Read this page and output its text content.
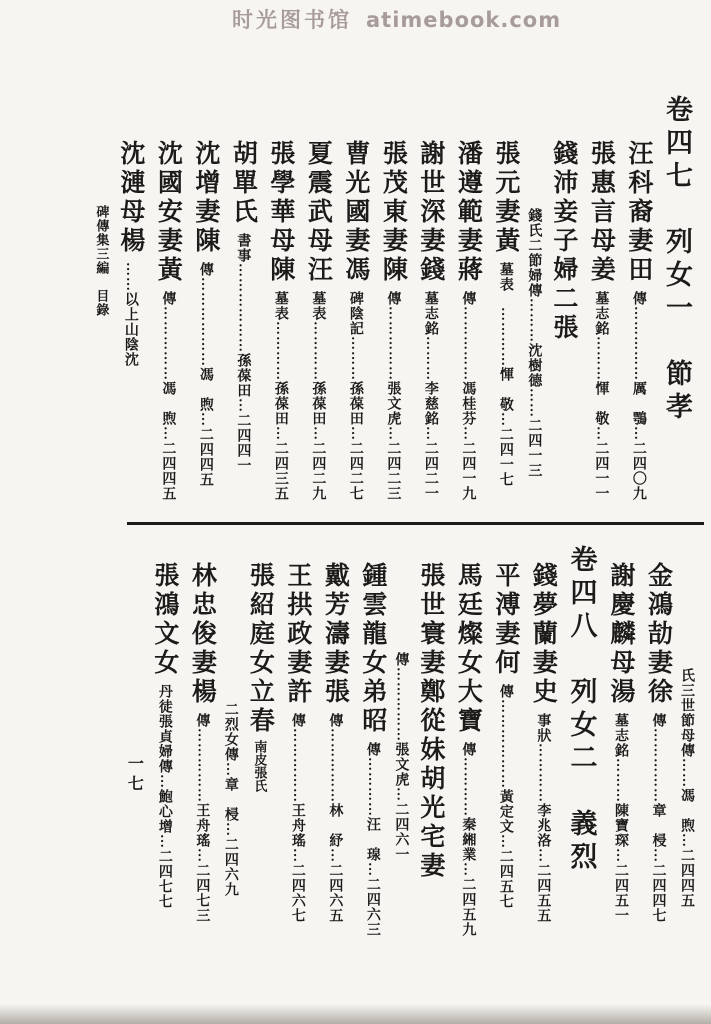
时光图书馆 atimebook.com
卷四七　列女一　節孝
汪科裔妻田傳……………厲　鶚…二四〇九
張惠言母姜墓志銘………惲　敬…二四一一
錢沛妾子婦二張
錢氏二節婦傳………沈樹德……二四一三
張元妻黃墓表　…………惲　敬…二四一七
潘遵範妻蔣傳……………馮桂芬…二四一九
謝世深妻錢墓志銘………李慈銘…二四二一
張茂東妻陳傳……………張文虎…二四二三
曹光國妻馮碑陰記………孫葆田…二四二七
夏震武母汪墓表…………孫葆田…二四二九
張學華母陳墓表…………孫葆田…二四三五
胡單氏書事………………孫葆田…二四四一
沈增妻陳傳………………馮　煦…二四四五
沈國安妻黃傳……………馮　煦…二四四五
沈漣母楊……以上山陰沈
碑傳集三編　目錄
氏三世節母傳……馮　煦…二四四五
金鴻劼妻徐傳……………章　梫…二四四七
謝慶麟母湯墓志銘………陳寶琛…二四五一
卷四八　列女二　義烈
錢夢蘭妻史事狀…………李兆洛…二四五五
平溥妻何傳………………黃定文…二四五七
馬廷燦女大寶傳…………秦緗業…二四五九
張世寰妻鄭從妹胡光宅妻
傳……………張文虎…二四六一
鍾雲龍女弟昭傳…………汪　瑔…二四六三
戴芳濤妻張傳……………林　紓…二四六五
王拱政妻許傳……………王舟瑤…二四六七
張紹庭女立春南皮張氏
二烈女傳…章　梫…二四六九
林忠俊妻楊傳……………王舟瑤…二四七三
張鴻文女丹徒張貞婦傳…鮑心增…二四七七
一七
